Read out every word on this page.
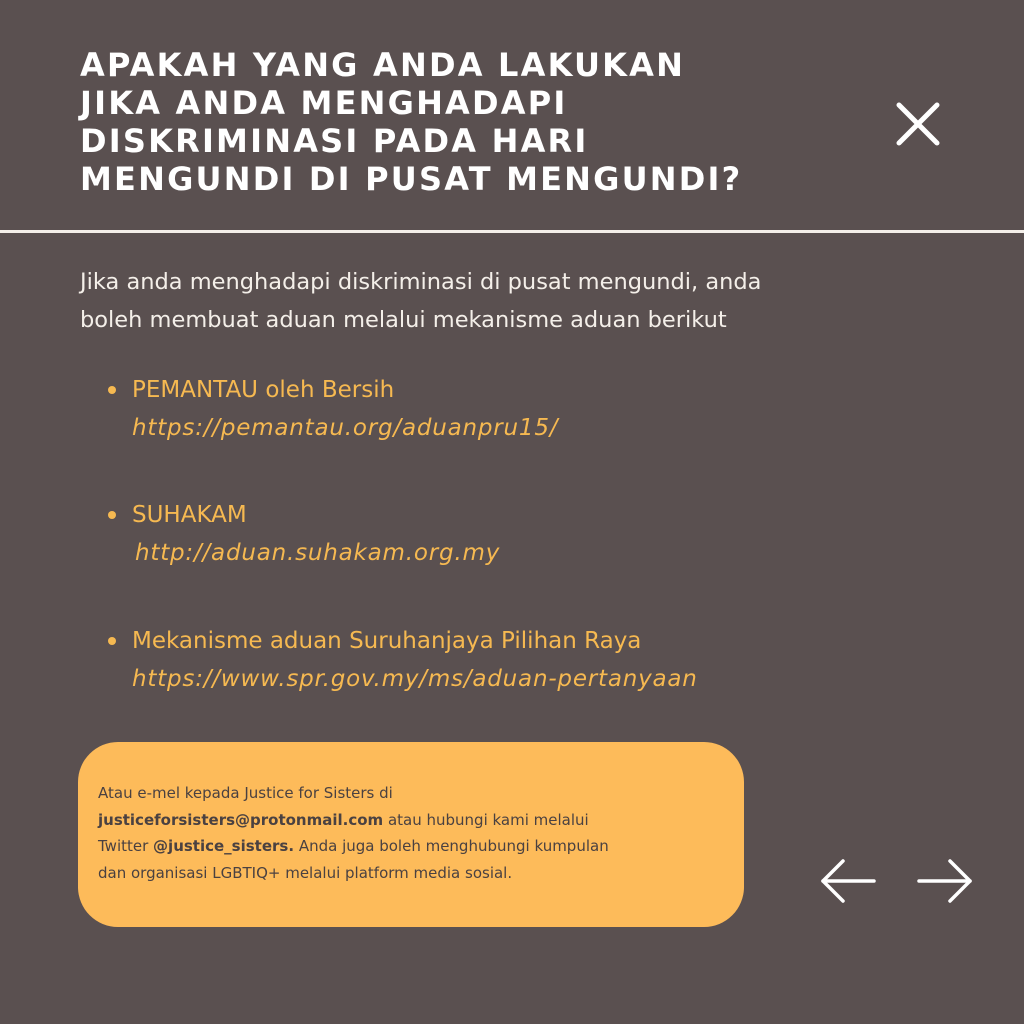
APAKAH YANG ANDA LAKUKAN
JIKA ANDA MENGHADAPI
DISKRIMINASI PADA HARI
MENGUNDI DI PUSAT MENGUNDI?

Jika anda menghadapi diskriminasi di pusat mengundi, anda
boleh membuat aduan melalui mekanisme aduan berikut

PEMANTAU oleh Bersih
https://pemantau.org/aduanpru15/
SUHAKAM
http://aduan.suhakam.org.my
Mekanisme aduan Suruhanjaya Pilihan Raya
https://www.spr.gov.my/ms/aduan-pertanyaan

Atau e-mel kepada Justice for Sisters di
justiceforsisters@protonmail.com atau hubungi kami melalui
Twitter @justice_sisters. Anda juga boleh menghubungi kumpulan
dan organisasi LGBTIQ+ melalui platform media sosial.
